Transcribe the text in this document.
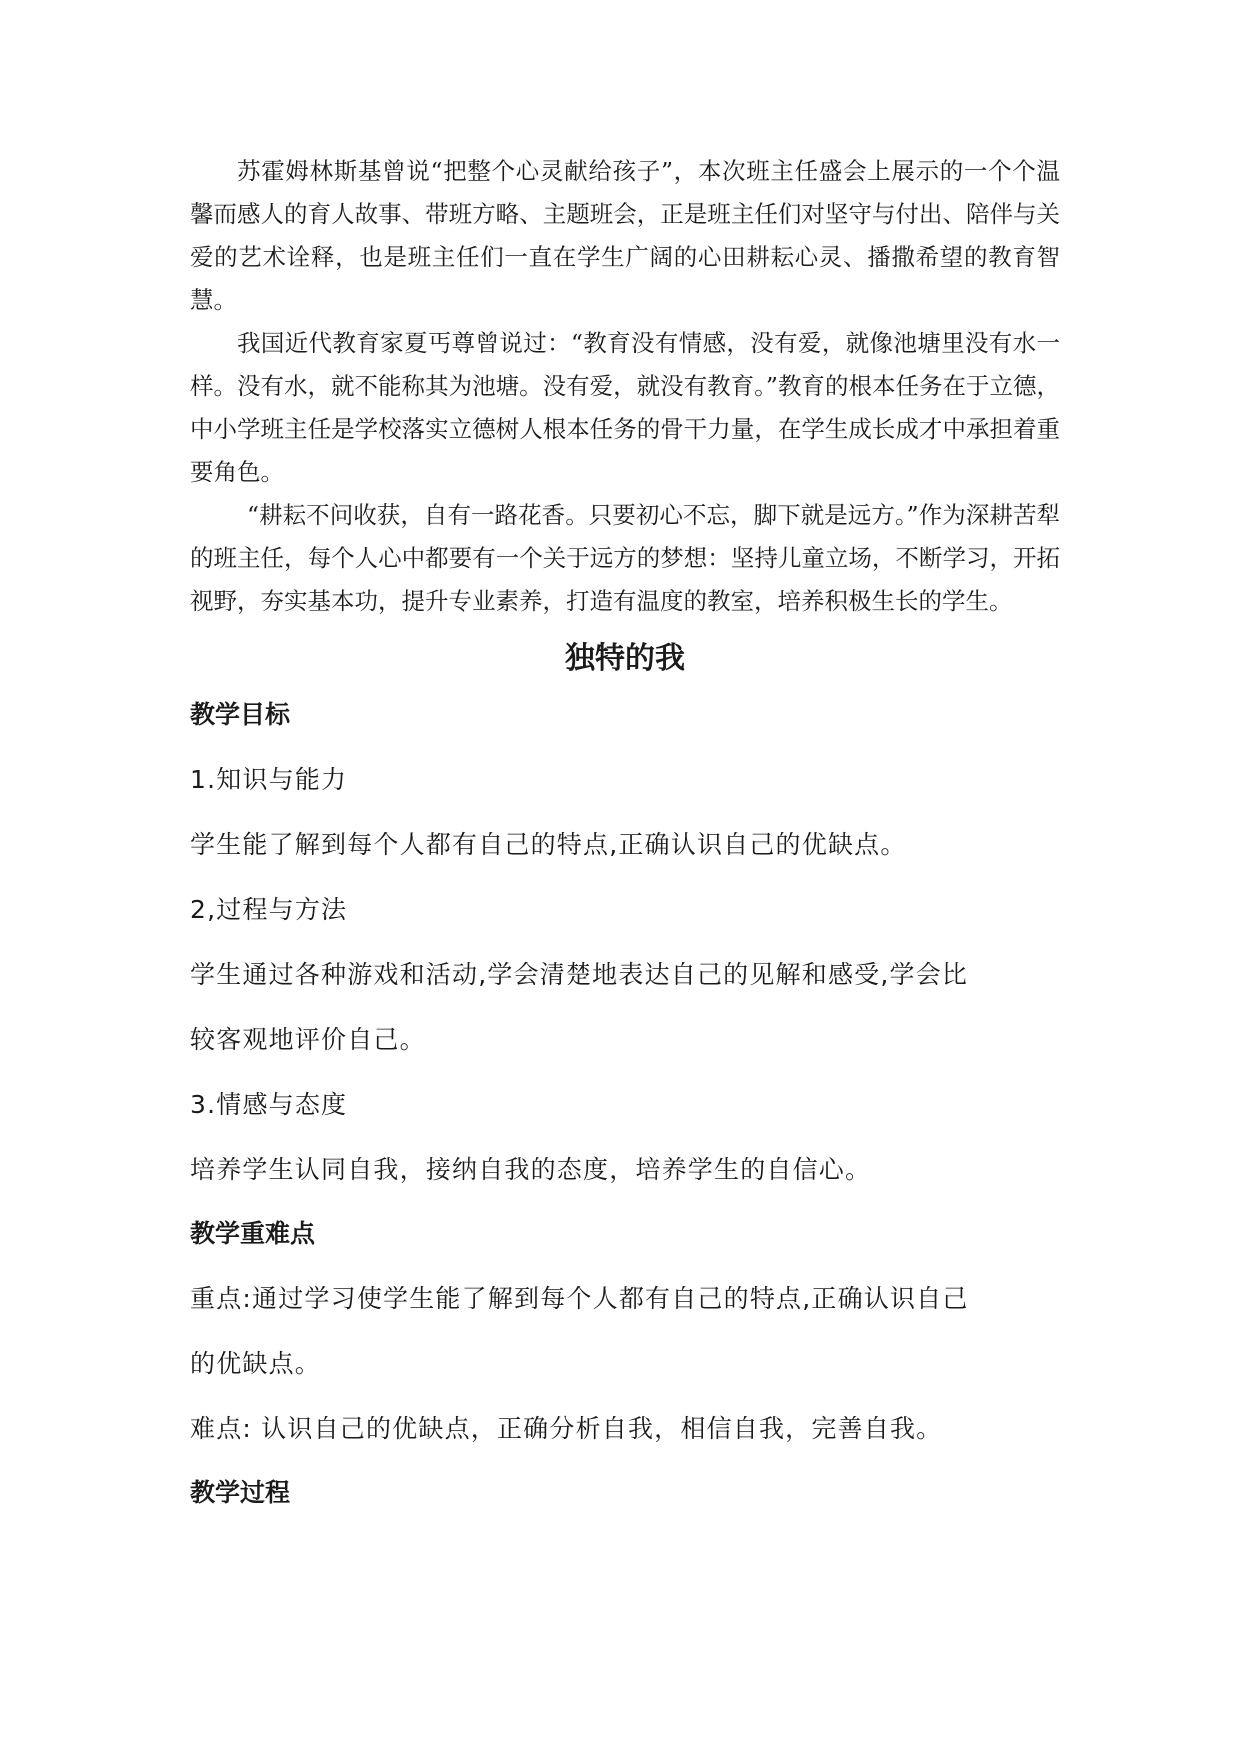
苏霍姆林斯基曾说“把整个心灵献给孩子”，本次班主任盛会上展示的一个个温馨而感人的育人故事、带班方略、主题班会，正是班主任们对坚守与付出、陪伴与关爱的艺术诠释，也是班主任们一直在学生广阔的心田耕耘心灵、播撒希望的教育智慧。

我国近代教育家夏丐尊曾说过：“教育没有情感，没有爱，就像池塘里没有水一样。没有水，就不能称其为池塘。没有爱，就没有教育。”教育的根本任务在于立德，中小学班主任是学校落实立德树人根本任务的骨干力量，在学生成长成才中承担着重要角色。

“耕耘不问收获，自有一路花香。只要初心不忘，脚下就是远方。”作为深耕苦犁的班主任，每个人心中都要有一个关于远方的梦想：坚持儿童立场，不断学习，开拓视野，夯实基本功，提升专业素养，打造有温度的教室，培养积极生长的学生。

独特的我
教学目标

1.知识与能力

学生能了解到每个人都有自己的特点,正确认识自己的优缺点。

2,过程与方法

学生通过各种游戏和活动,学会清楚地表达自己的见解和感受,学会比

较客观地评价自己。

3.情感与态度

培养学生认同自我，接纳自我的态度，培养学生的自信心。

教学重难点

重点:通过学习使学生能了解到每个人都有自己的特点,正确认识自己

的优缺点。

难点: 认识自己的优缺点，正确分析自我，相信自我，完善自我。

教学过程
